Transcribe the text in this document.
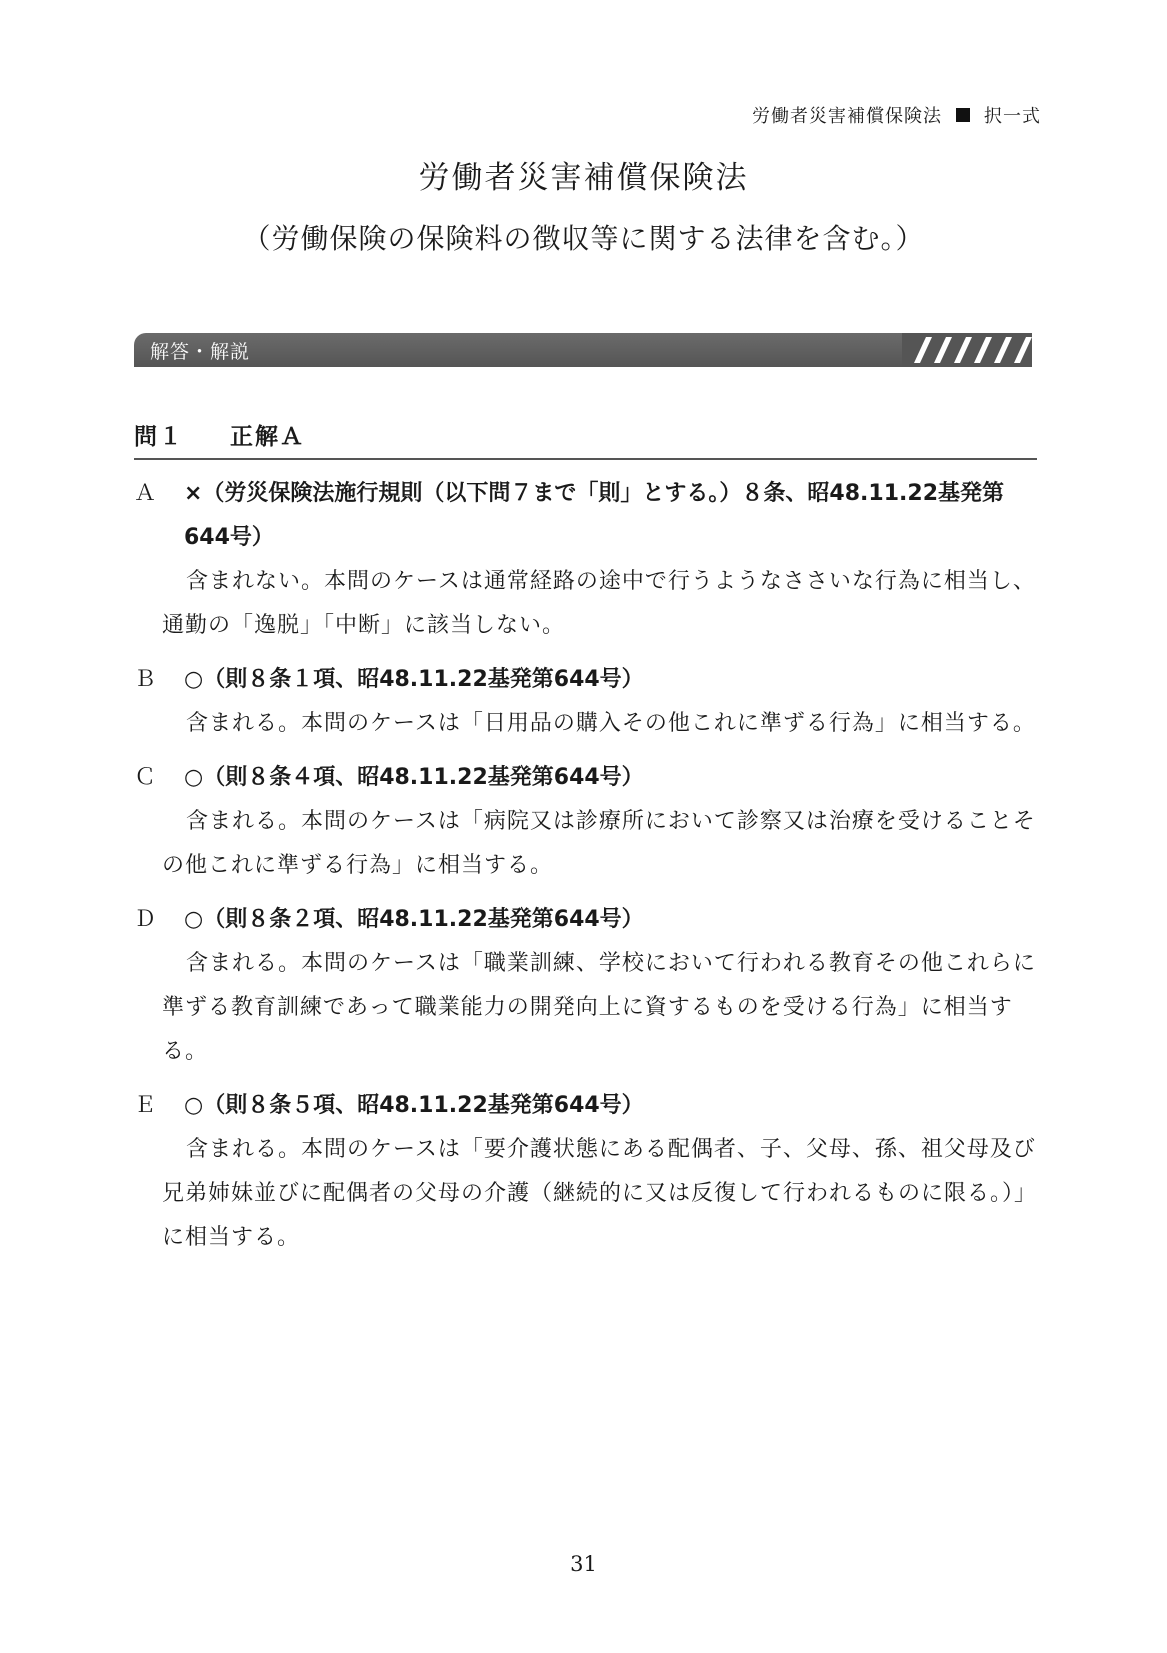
労働者災害補償保険法 択一式
労働者災害補償保険法
（労働保険の保険料の徴収等に関する法律を含む。）
解答・解説
問１ 正解Ａ
Ａ	×（労災保険法施行規則（以下問７まで「則」とする。）８条、昭48.11.22基発第644号）
含まれない。本問のケースは通常経路の途中で行うようなささいな行為に相当し、通勤の「逸脱」「中断」に該当しない。
Ｂ	○（則８条１項、昭48.11.22基発第644号）
含まれる。本問のケースは「日用品の購入その他これに準ずる行為」に相当する。
Ｃ	○（則８条４項、昭48.11.22基発第644号）
含まれる。本問のケースは「病院又は診療所において診察又は治療を受けることその他これに準ずる行為」に相当する。
Ｄ	○（則８条２項、昭48.11.22基発第644号）
含まれる。本問のケースは「職業訓練、学校において行われる教育その他これらに準ずる教育訓練であって職業能力の開発向上に資するものを受ける行為」に相当する。
Ｅ	○（則８条５項、昭48.11.22基発第644号）
含まれる。本問のケースは「要介護状態にある配偶者、子、父母、孫、祖父母及び兄弟姉妹並びに配偶者の父母の介護（継続的に又は反復して行われるものに限る。）」に相当する。
31
